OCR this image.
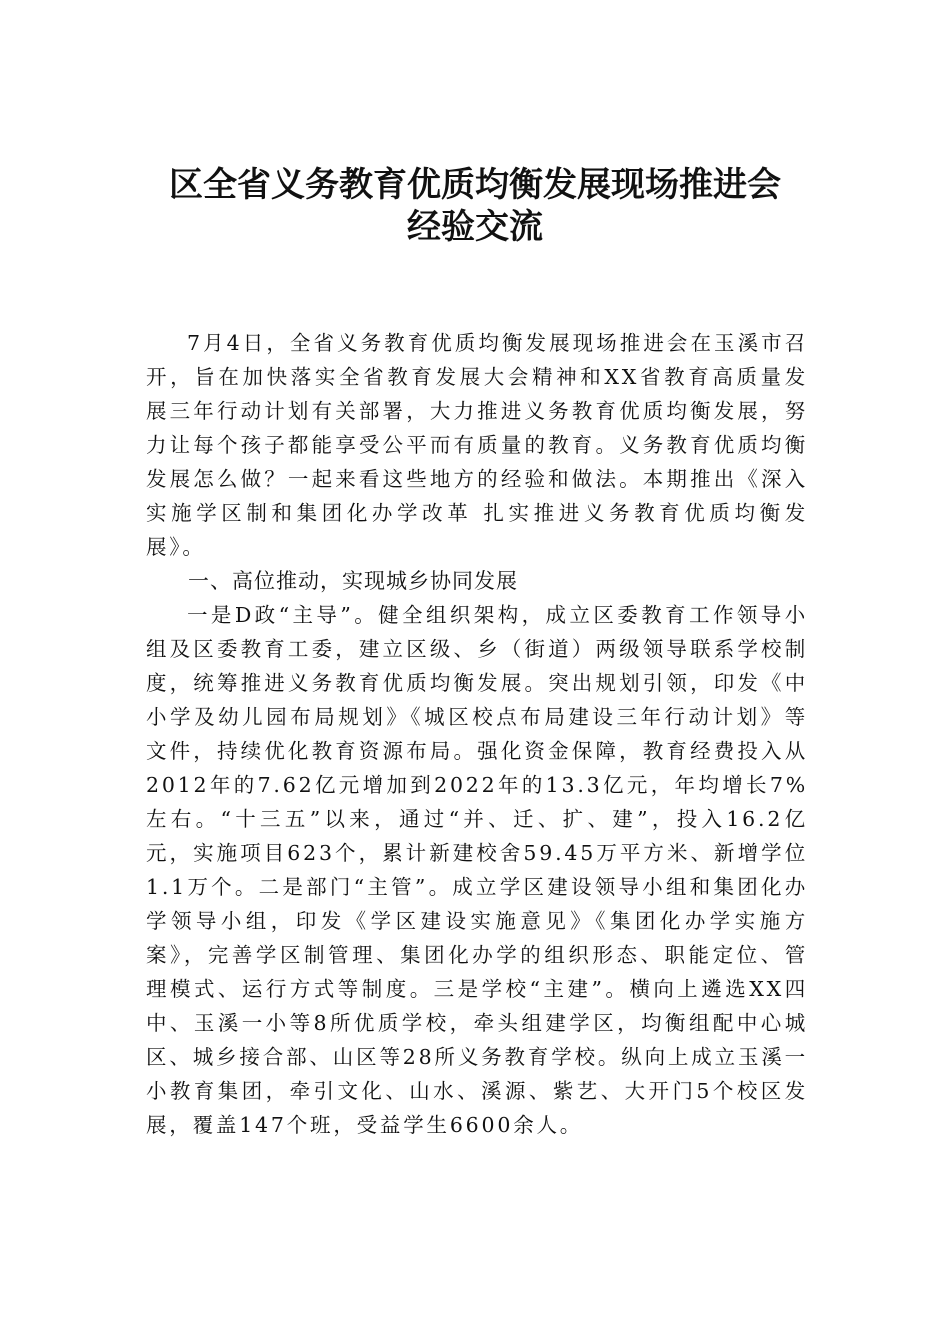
区全省义务教育优质均衡发展现场推进会
经验交流

7月4日，全省义务教育优质均衡发展现场推进会在玉溪市召开，旨在加快落实全省教育发展大会精神和XX省教育高质量发展三年行动计划有关部署，大力推进义务教育优质均衡发展，努力让每个孩子都能享受公平而有质量的教育。义务教育优质均衡发展怎么做？一起来看这些地方的经验和做法。本期推出《深入实施学区制和集团化办学改革 扎实推进义务教育优质均衡发展》。

一、高位推动，实现城乡协同发展

一是D政“主导”。健全组织架构，成立区委教育工作领导小组及区委教育工委，建立区级、乡（街道）两级领导联系学校制度，统筹推进义务教育优质均衡发展。突出规划引领，印发《中小学及幼儿园布局规划》《城区校点布局建设三年行动计划》等文件，持续优化教育资源布局。强化资金保障，教育经费投入从2012年的7.62亿元增加到2022年的13.3亿元，年均增长7%左右。“十三五”以来，通过“并、迁、扩、建”，投入16.2亿元，实施项目623个，累计新建校舍59.45万平方米、新增学位1.1万个。二是部门“主管”。成立学区建设领导小组和集团化办学领导小组，印发《学区建设实施意见》《集团化办学实施方案》，完善学区制管理、集团化办学的组织形态、职能定位、管理模式、运行方式等制度。三是学校“主建”。横向上遴选XX四中、玉溪一小等8所优质学校，牵头组建学区，均衡组配中心城区、城乡接合部、山区等28所义务教育学校。纵向上成立玉溪一小教育集团，牵引文化、山水、溪源、紫艺、大开门5个校区发展，覆盖147个班，受益学生6600余人。
